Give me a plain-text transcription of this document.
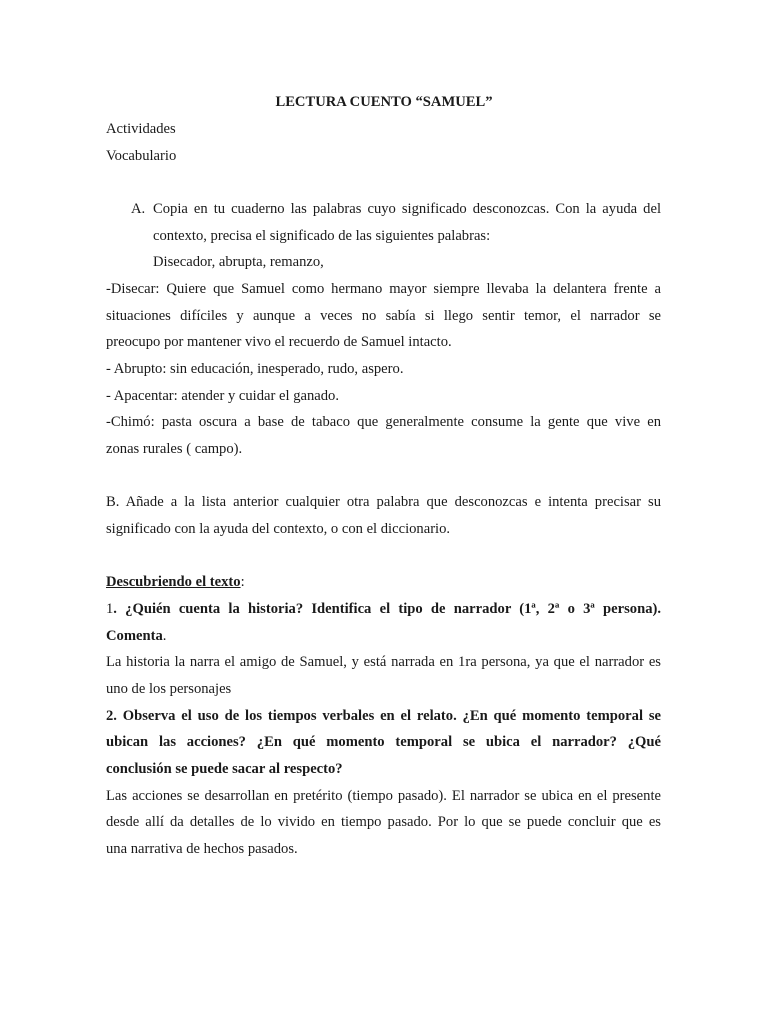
LECTURA CUENTO “SAMUEL”
Actividades
Vocabulario
A. Copia en tu cuaderno las palabras cuyo significado desconozcas. Con la ayuda del
contexto, precisa el significado de las siguientes palabras:
Disecador, abrupta, remanzo,
-Disecar: Quiere que Samuel como hermano mayor siempre llevaba la delantera frente a
situaciones difíciles y aunque a veces no sabía si llego sentir temor, el narrador se
preocupo por mantener vivo el recuerdo de Samuel intacto.
- Abrupto: sin educación, inesperado, rudo, aspero.
- Apacentar: atender y cuidar el ganado.
-Chimó: pasta oscura a base de tabaco que generalmente consume la gente que vive en
zonas rurales ( campo).
B. Añade a la lista anterior cualquier otra palabra que desconozcas e intenta precisar su
significado con la ayuda del contexto, o con el diccionario.
Descubriendo el texto:
1. ¿Quién cuenta la historia? Identifica el tipo de narrador (1ª, 2ª o 3ª persona).
Comenta.
La historia la narra el amigo de Samuel, y está narrada en 1ra persona, ya que el narrador es
uno de los personajes
2. Observa el uso de los tiempos verbales en el relato. ¿En qué momento temporal se
ubican las acciones? ¿En qué momento temporal se ubica el narrador? ¿Qué
conclusión se puede sacar al respecto?
Las acciones se desarrollan en pretérito (tiempo pasado). El narrador se ubica en el presente
desde allí da detalles de lo vivido en tiempo pasado. Por lo que se puede concluir que es
una narrativa de hechos pasados.
